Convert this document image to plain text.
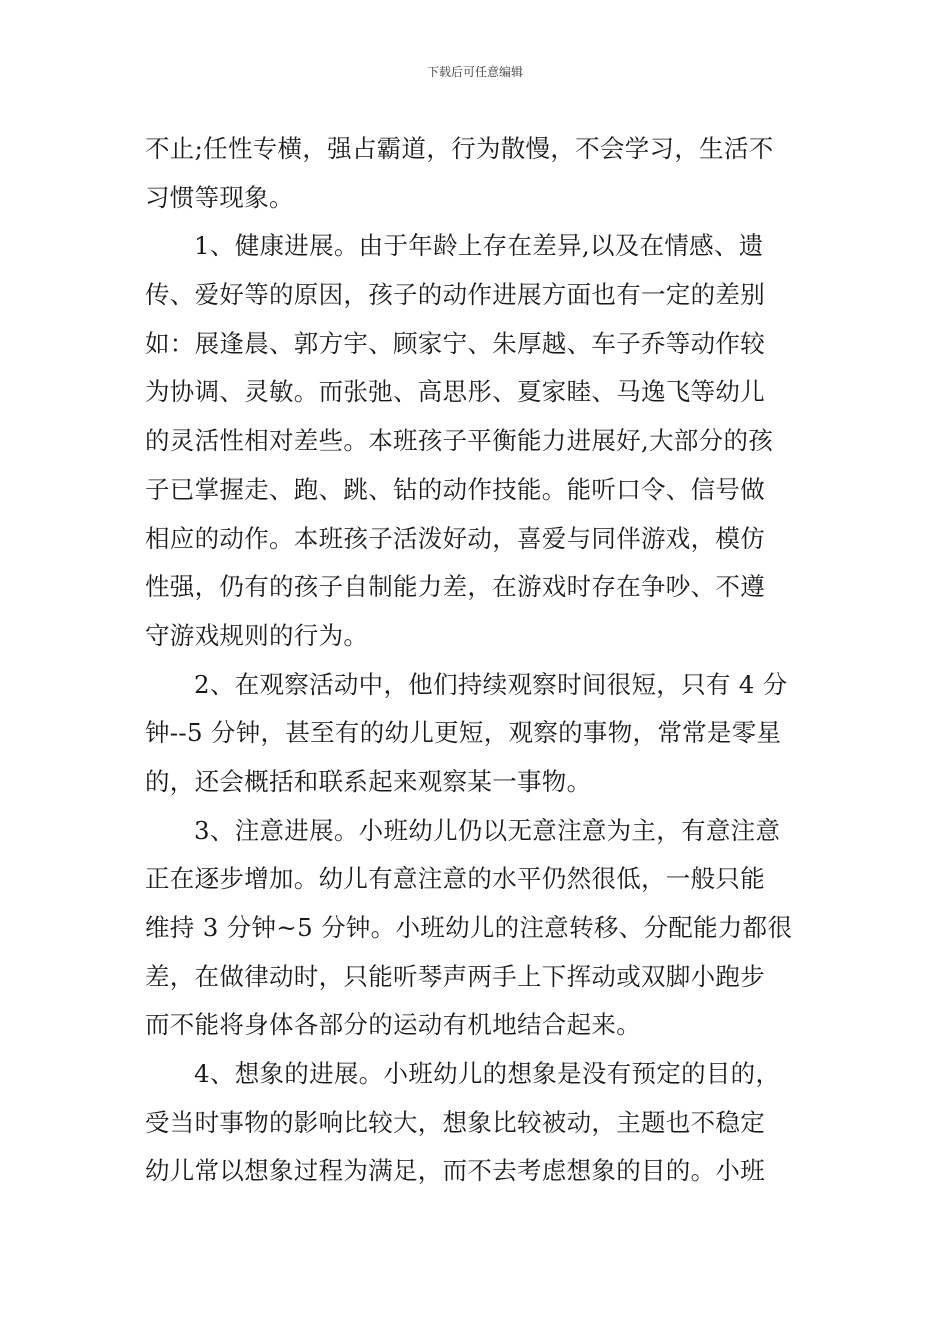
下载后可任意编辑
不止;任性专横，强占霸道，行为散慢，不会学习，生活不
习惯等现象。
1、健康进展。由于年龄上存在差异,以及在情感、遗
传、爱好等的原因，孩子的动作进展方面也有一定的差别
如：展逢晨、郭方宇、顾家宁、朱厚越、车子乔等动作较
为协调、灵敏。而张弛、高思彤、夏家睦、马逸飞等幼儿
的灵活性相对差些。本班孩子平衡能力进展好,大部分的孩
子已掌握走、跑、跳、钻的动作技能。能听口令、信号做
相应的动作。本班孩子活泼好动，喜爱与同伴游戏，模仿
性强，仍有的孩子自制能力差，在游戏时存在争吵、不遵
守游戏规则的行为。
2、在观察活动中，他们持续观察时间很短，只有 4 分
钟--5 分钟，甚至有的幼儿更短，观察的事物，常常是零星
的，还会概括和联系起来观察某一事物。
3、注意进展。小班幼儿仍以无意注意为主，有意注意
正在逐步增加。幼儿有意注意的水平仍然很低，一般只能
维持 3 分钟~5 分钟。小班幼儿的注意转移、分配能力都很
差，在做律动时，只能听琴声两手上下挥动或双脚小跑步
而不能将身体各部分的运动有机地结合起来。
4、想象的进展。小班幼儿的想象是没有预定的目的，
受当时事物的影响比较大，想象比较被动，主题也不稳定
幼儿常以想象过程为满足，而不去考虑想象的目的。小班
